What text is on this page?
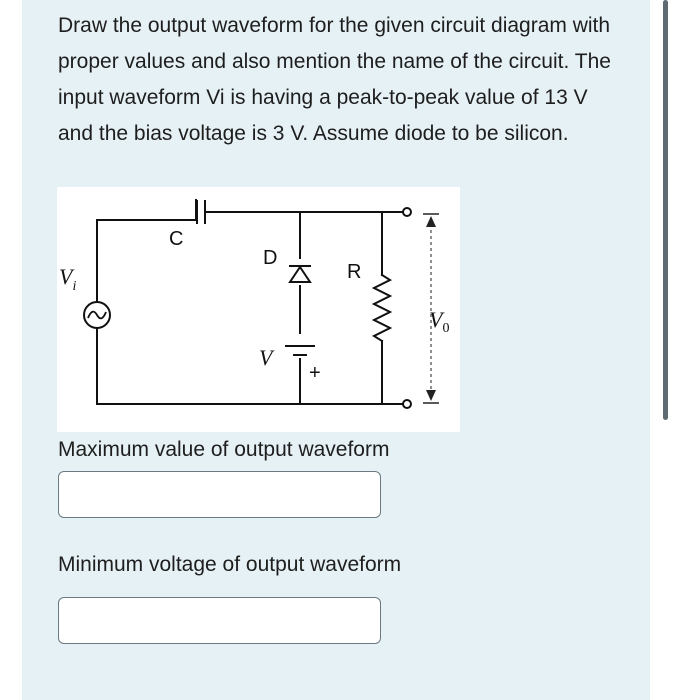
Draw the output waveform for the given circuit diagram with proper values and also mention the name of the circuit. The input waveform Vi is having a peak-to-peak value of 13 V and the bias voltage is 3 V. Assume diode to be silicon.
C
D
R
$V_i$
$V_0$
V
+
Maximum value of output waveform
Minimum voltage of output waveform
